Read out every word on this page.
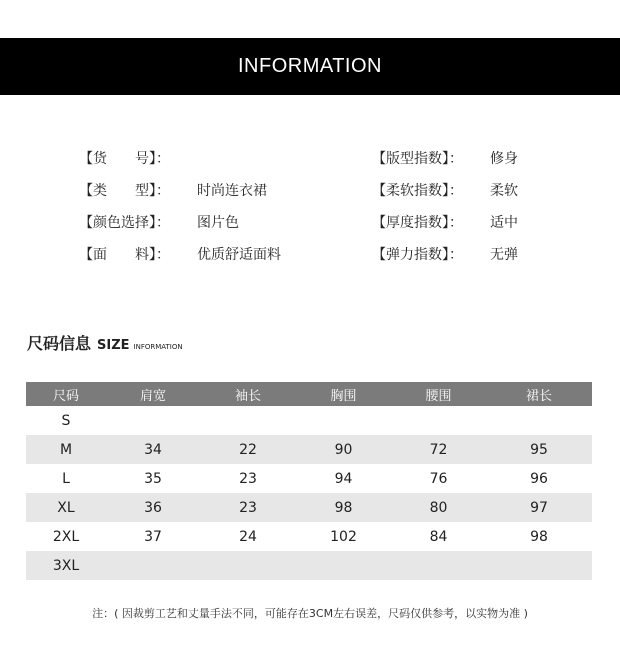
INFORMATION
【货　　号】：
【类　　型】：	时尚连衣裙
【颜色选择】：	图片色
【面　　料】：	优质舒适面料
【版型指数】：	修身
【柔软指数】：	柔软
【厚度指数】：	适中
【弹力指数】：	无弹
尺码信息 SIZE INFORMATION
尺码	肩宽	袖长	胸围	腰围	裙长
S					
M	34	22	90	72	95
L	35	23	94	76	96
XL	36	23	98	80	97
2XL	37	24	102	84	98
3XL					
注：( 因裁剪工艺和丈量手法不同，可能存在3CM左右误差，尺码仅供参考，以实物为准 )
